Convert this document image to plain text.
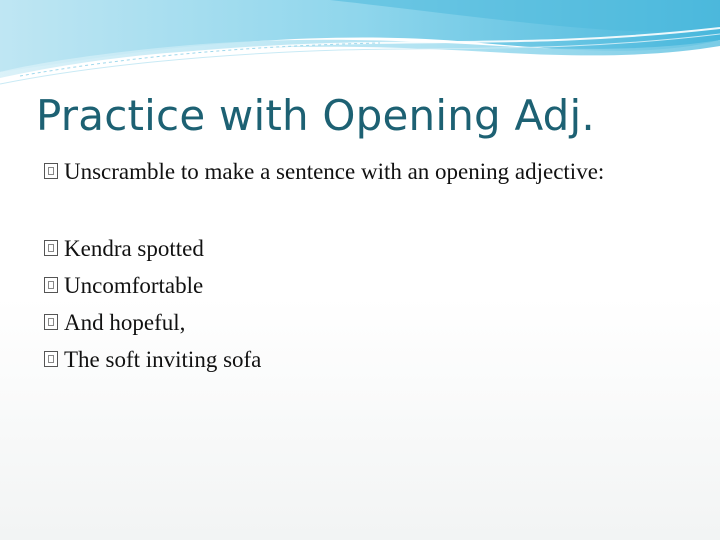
Practice with Opening Adj.
Unscramble to make a sentence with an opening adjective:
Kendra spotted
Uncomfortable
And hopeful,
The soft inviting sofa
